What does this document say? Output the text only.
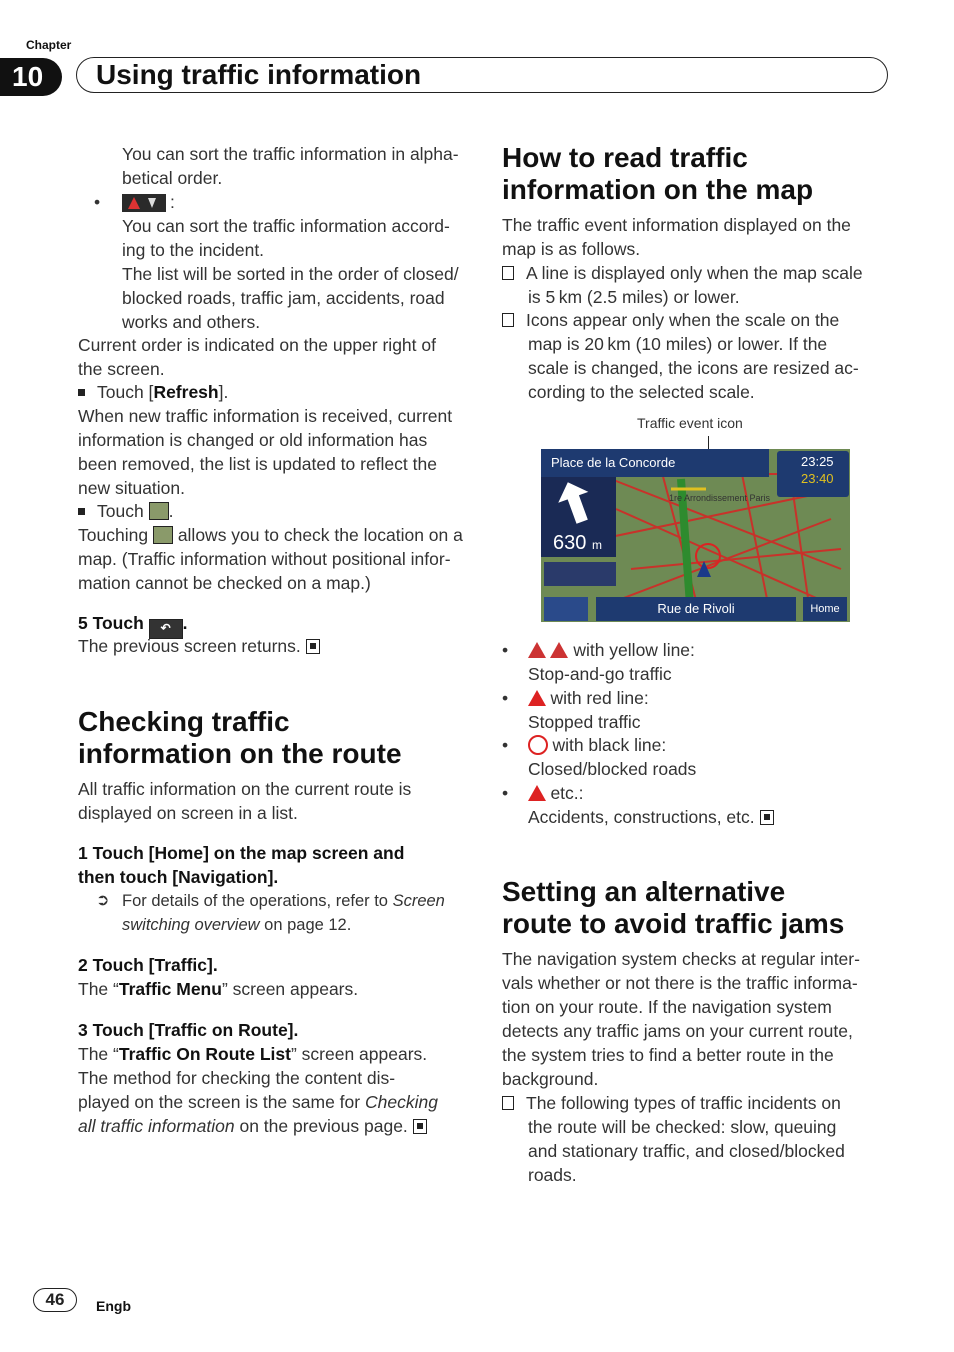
Chapter
10	Using traffic information
You can sort the traffic information in alpha-
betical order.
•	:
You can sort the traffic information accord-
ing to the incident.
The list will be sorted in the order of closed/
blocked roads, traffic jam, accidents, road
works and others.
Current order is indicated on the upper right of
the screen.
Touch [Refresh].
When new traffic information is received, current
information is changed or old information has
been removed, the list is updated to reflect the
new situation.
Touch .
Touching allows you to check the location on a
map. (Traffic information without positional infor-
mation cannot be checked on a map.)
5 Touch ↶ .
The previous screen returns.
Checking traffic
information on the route
All traffic information on the current route is
displayed on screen in a list.
1 Touch [Home] on the map screen and
then touch [Navigation].
➲ For details of the operations, refer to Screen
switching overview on page 12.
2 Touch [Traffic].
The “Traffic Menu” screen appears.
3 Touch [Traffic on Route].
The “Traffic On Route List” screen appears.
The method for checking the content dis-
played on the screen is the same for Checking
all traffic information on the previous page.
How to read traffic
information on the map
The traffic event information displayed on the
map is as follows.
A line is displayed only when the map scale
is 5 km (2.5 miles) or lower.
Icons appear only when the scale on the
map is 20 km (10 miles) or lower. If the
scale is changed, the icons are resized ac-
cording to the selected scale.
Traffic event icon
Place de la Concorde	23:25
23:40
630 m
Rue de Rivoli	Home
1re Arrondissement Paris
•	with yellow line:
Stop-and-go traffic
•     with red line:
Stopped traffic
•     with black line:
Closed/blocked roads
•     etc.:
Accidents, constructions, etc.
Setting an alternative
route to avoid traffic jams
The navigation system checks at regular inter-
vals whether or not there is the traffic informa-
tion on your route. If the navigation system
detects any traffic jams on your current route,
the system tries to find a better route in the
background.
The following types of traffic incidents on
the route will be checked: slow, queuing
and stationary traffic, and closed/blocked
roads.
46	Engb
